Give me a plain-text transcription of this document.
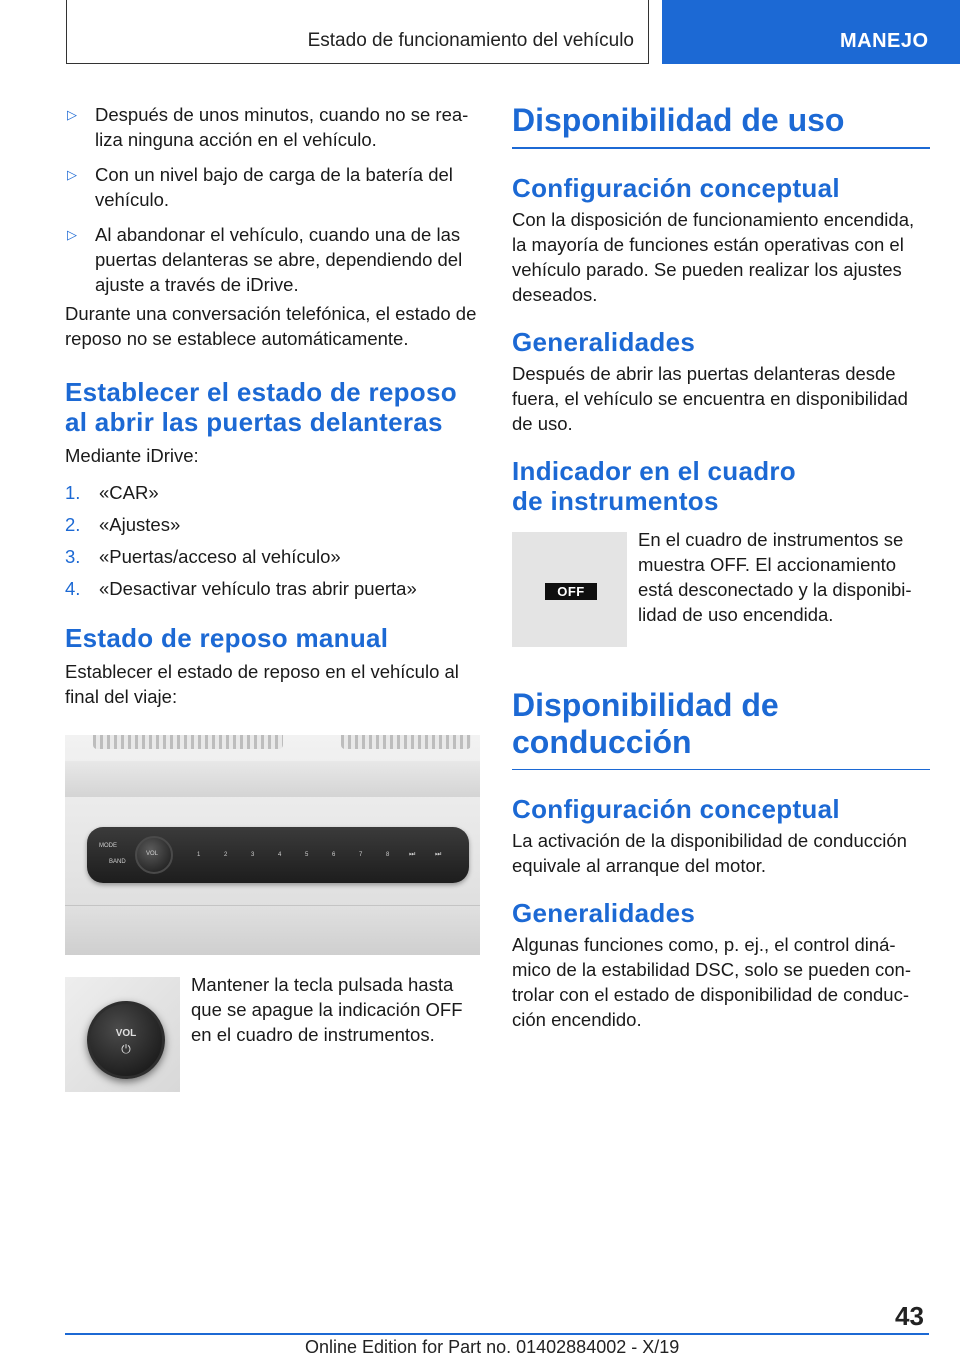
Estado de funcionamiento del vehículo	MANEJO
▷ Después de unos minutos, cuando no se rea-liza ninguna acción en el vehículo.
▷ Con un nivel bajo de carga de la batería del vehículo.
▷ Al abandonar el vehículo, cuando una de las puertas delanteras se abre, dependiendo del ajuste a través de iDrive.

Durante una conversación telefónica, el estado de reposo no se establece automáticamente.

Establecer el estado de reposo al abrir las puertas delanteras

Mediante iDrive:

1. «CAR»
2. «Ajustes»
3. «Puertas/acceso al vehículo»
4. «Desactivar vehículo tras abrir puerta»
Estado de reposo manual

Establecer el estado de reposo en el vehículo al final del viaje:

MODE
BAND
VOL	1	2	3	4	5	6	7	8	⏭	⏭
VOL
⏻

Mantener la tecla pulsada hasta que se apague la indicación OFF en el cuadro de instrumentos.

Disponibilidad de uso
Configuración conceptual

Con la disposición de funcionamiento encendida, la mayoría de funciones están operativas con el vehículo parado. Se pueden realizar los ajustes deseados.

Generalidades

Después de abrir las puertas delanteras desde fuera, el vehículo se encuentra en disponibilidad de uso.

Indicador en el cuadro de instrumentos
OFF

En el cuadro de instrumentos se muestra OFF. El accionamiento está desconectado y la disponibi-lidad de uso encendida.

Disponibilidad de conducción
Configuración conceptual

La activación de la disponibilidad de conducción equivale al arranque del motor.

Generalidades

Algunas funciones como, p. ej., el control diná-mico de la estabilidad DSC, solo se pueden con-trolar con el estado de disponibilidad de conduc-ción encendido.

43
Online Edition for Part no. 01402884002 - X/19
